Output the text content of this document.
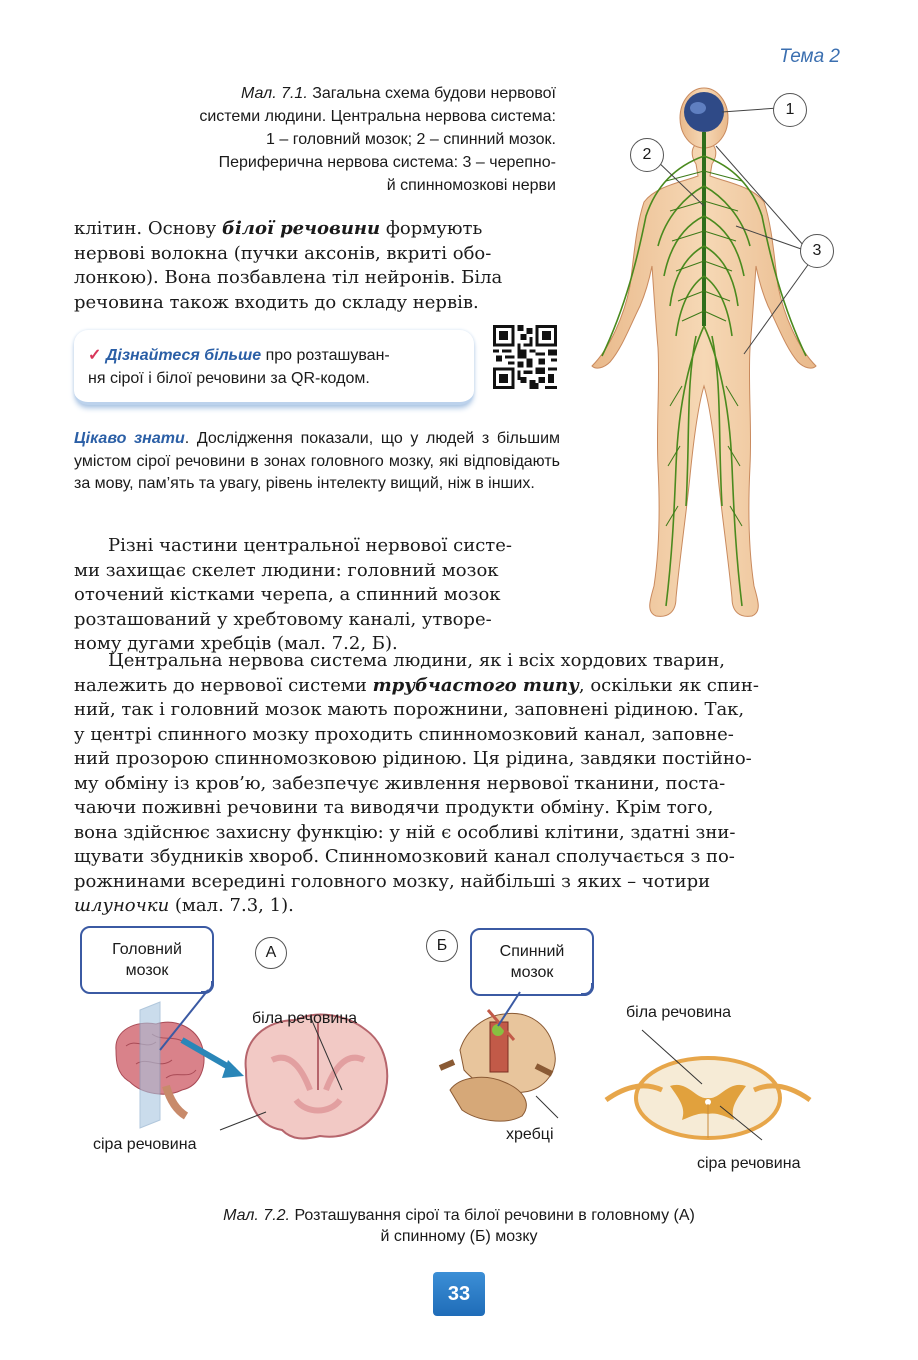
Тема 2
Мал. 7.1. Загальна схема будови нервової
системи людини. Центральна нервова система:
1 – головний мозок; 2 – спинний мозок.
Периферична нервова система: 3 – черепно-
й спинномозкові нерви
1
2
3

клітин. Основу білої речовини формують

нервові волокна (пучки аксонів, вкриті обо-

лонкою). Вона позбавлена тіл нейронів. Біла

речовина також входить до складу нервів.

✓ Дізнайтеся більше про розташуван-
ня сірої і білої речовини за QR-кодом.
Цікаво знати. Дослідження показали, що у людей з більшим умістом сірої речовини в зонах головного мозку, які відповідають за мову, пам’ять та увагу, рівень інтелекту вищий, ніж в інших.

Різні частини центральної нервової систе-

ми захищає скелет людини: головний мозок

оточений кістками черепа, а спинний мозок

розташований у хребтовому каналі, утворе-

ному дугами хребців (мал. 7.2, Б).

Центральна нервова система людини, як і всіх хордових тварин,

належить до нервової системи трубчастого типу, оскільки як спин-

ний, так і головний мозок мають порожнини, заповнені рідиною. Так,

у центрі спинного мозку проходить спинномозковий канал, заповне-

ний прозорою спинномозковою рідиною. Ця рідина, завдяки постійно-

му обміну із кров’ю, забезпечує живлення нервової тканини, поста-

чаючи поживні речовини та виводячи продукти обміну. Крім того,

вона здійснює захисну функцію: у ній є особливі клітини, здатні зни-

щувати збудників хвороб. Спинномозковий канал сполучається з по-

рожнинами всередині головного мозку, найбільші з яких – чотири

шлуночки (мал. 7.3, 1).

Головний
мозок
А	Б	Спинний
мозок
біла речовина
сіра речовина
хребці
біла речовина
сіра речовина
Мал. 7.2. Розташування сірої та білої речовини в головному (А)
й спинному (Б) мозку
33
